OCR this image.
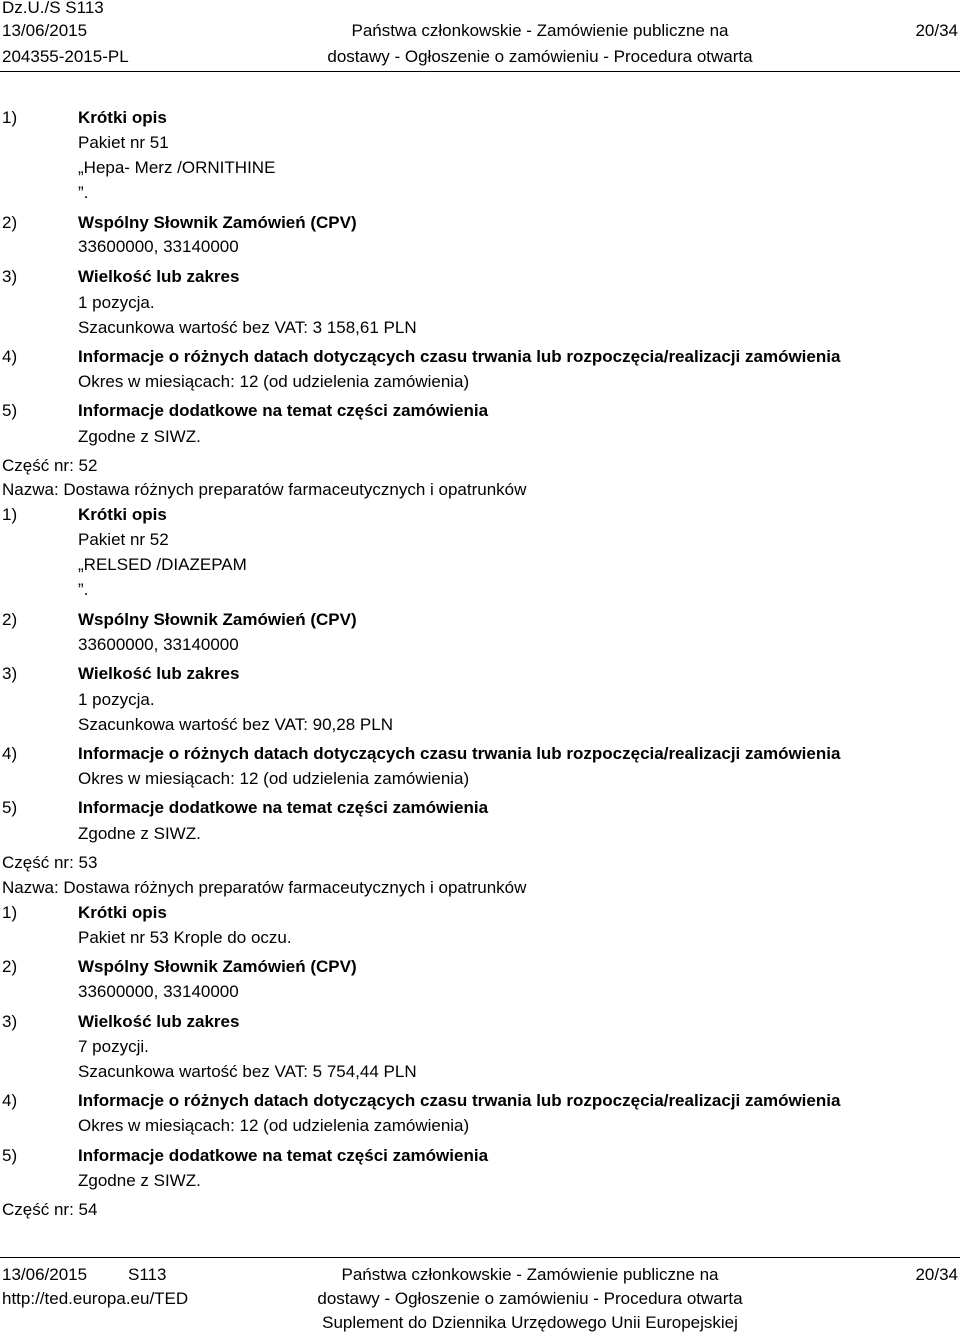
Dz.U./S S113
13/06/2015
204355-2015-PL
Państwa członkowskie - Zamówienie publiczne na
dostawy - Ogłoszenie o zamówieniu - Procedura otwarta
20/34
1)	Krótki opis
Pakiet nr 51
„Hepa- Merz /ORNITHINE
”.
2)	Wspólny Słownik Zamówień (CPV)
33600000, 33140000
3)	Wielkość lub zakres
1 pozycja.
Szacunkowa wartość bez VAT: 3 158,61 PLN
4)	Informacje o różnych datach dotyczących czasu trwania lub rozpoczęcia/realizacji zamówienia
Okres w miesiącach: 12 (od udzielenia zamówienia)
5)	Informacje dodatkowe na temat części zamówienia
Zgodne z SIWZ.
Część nr: 52
Nazwa: Dostawa różnych preparatów farmaceutycznych i opatrunków
1)	Krótki opis
Pakiet nr 52
„RELSED /DIAZEPAM
”.
2)	Wspólny Słownik Zamówień (CPV)
33600000, 33140000
3)	Wielkość lub zakres
1 pozycja.
Szacunkowa wartość bez VAT: 90,28 PLN
4)	Informacje o różnych datach dotyczących czasu trwania lub rozpoczęcia/realizacji zamówienia
Okres w miesiącach: 12 (od udzielenia zamówienia)
5)	Informacje dodatkowe na temat części zamówienia
Zgodne z SIWZ.
Część nr: 53
Nazwa: Dostawa różnych preparatów farmaceutycznych i opatrunków
1)	Krótki opis
Pakiet nr 53 Krople do oczu.
2)	Wspólny Słownik Zamówień (CPV)
33600000, 33140000
3)	Wielkość lub zakres
7 pozycji.
Szacunkowa wartość bez VAT: 5 754,44 PLN
4)	Informacje o różnych datach dotyczących czasu trwania lub rozpoczęcia/realizacji zamówienia
Okres w miesiącach: 12 (od udzielenia zamówienia)
5)	Informacje dodatkowe na temat części zamówienia
Zgodne z SIWZ.
Część nr: 54
13/06/2015 S113
http://ted.europa.eu/TED
Państwa członkowskie - Zamówienie publiczne na
dostawy - Ogłoszenie o zamówieniu - Procedura otwarta
Suplement do Dziennika Urzędowego Unii Europejskiej
20/34
